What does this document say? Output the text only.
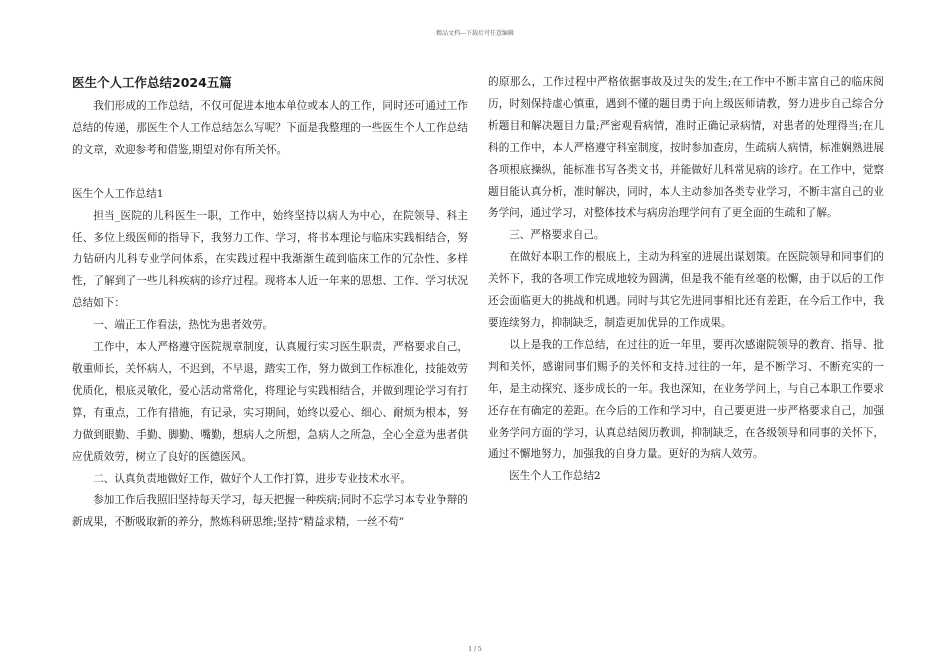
精品文档---下载后可任意编辑
医生个人工作总结2024五篇

我们形成的工作总结，不仅可促进本地本单位或本人的工作，同时还可通过工作总结的传递，那医生个人工作总结怎么写呢？下面是我整理的一些医生个人工作总结的文章，欢迎参考和借鉴,期望对你有所关怀。

医生个人工作总结1

担当_医院的儿科医生一职，工作中，始终坚持以病人为中心，在院领导、科主任、多位上级医师的指导下，我努力工作、学习，将书本理论与临床实践相结合，努力钻研内儿科专业学问体系，在实践过程中我渐渐生疏到临床工作的冗杂性、多样性，了解到了一些儿科疾病的诊疗过程。现将本人近一年来的思想、工作、学习状况总结如下：

一、端正工作看法，热忱为患者效劳。

工作中，本人严格遵守医院规章制度，认真履行实习医生职责，严格要求自己，敬重师长，关怀病人，不迟到，不早退，踏实工作，努力做到工作标准化，技能效劳优质化，根底灵敏化，爱心活动常常化，将理论与实践相结合，并做到理论学习有打算，有重点，工作有措施，有记录，实习期间，始终以爱心、细心、耐烦为根本，努力做到眼勤、手勤、脚勤、嘴勤，想病人之所想，急病人之所急，全心全意为患者供应优质效劳，树立了良好的医德医风。

二、认真负责地做好工作，做好个人工作打算，进步专业技术水平。

参加工作后我照旧坚持每天学习，每天把握一种疾病;同时不忘学习本专业争辩的新成果，不断吸取新的养分，熬炼科研思维;坚持“精益求精，一丝不苟”

的原那么，工作过程中严格依据事故及过失的发生;在工作中不断丰富自己的临床阅历，时刻保持虚心慎重，遇到不懂的题目勇于向上级医师请教，努力进步自己综合分析题目和解决题目力量;严密观看病情，准时正确记录病情，对患者的处理得当;在儿科的工作中，本人严格遵守科室制度，按时参加查房，生疏病人病情，标准娴熟进展各项根底操纵，能标准书写各类文书，并能做好儿科常见病的诊疗。在工作中，觉察题目能认真分析，准时解决，同时，本人主动参加各类专业学习，不断丰富自己的业务学问，通过学习，对整体技术与病房治理学问有了更全面的生疏和了解。

三、严格要求自己。

在做好本职工作的根底上，主动为科室的进展出谋划策。在医院领导和同事们的关怀下，我的各项工作完成地较为圆满，但是我不能有丝毫的松懈，由于以后的工作还会面临更大的挑战和机遇。同时与其它先进同事相比还有差距，在今后工作中，我要连续努力，抑制缺乏，制造更加优异的工作成果。

以上是我的工作总结，在过往的近一年里，要再次感谢院领导的教育、指导、批判和关怀，感谢同事们赐予的关怀和支持.过往的一年，是不断学习、不断充实的一年，是主动探究、逐步成长的一年。我也深知，在业务学问上，与自己本职工作要求还存在有确定的差距。在今后的工作和学习中，自己要更进一步严格要求自己，加强业务学问方面的学习，认真总结阅历教训，抑制缺乏，在各级领导和同事的关怀下，通过不懈地努力，加强我的自身力量。更好的为病人效劳。

医生个人工作总结2

1 / 5
